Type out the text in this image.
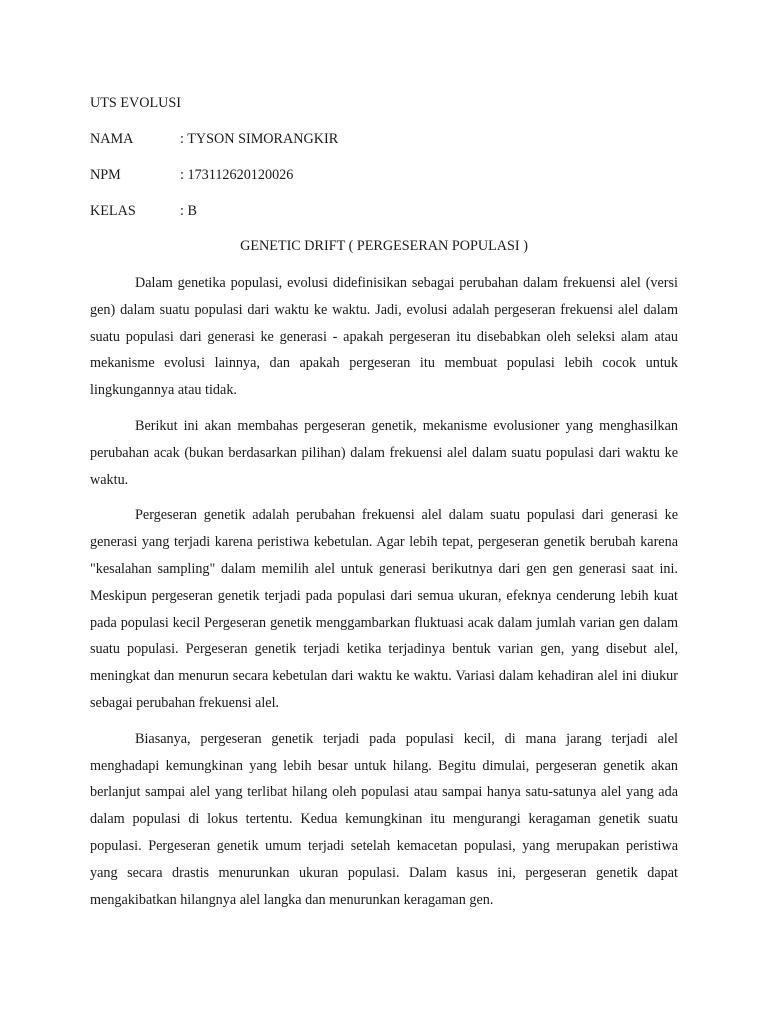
UTS EVOLUSI
NAMA	: TYSON SIMORANGKIR
NPM	: 173112620120026
KELAS	: B
GENETIC DRIFT ( PERGESERAN POPULASI )

Dalam genetika populasi, evolusi didefinisikan sebagai perubahan dalam frekuensi alel (versi gen) dalam suatu populasi dari waktu ke waktu. Jadi, evolusi adalah pergeseran frekuensi alel dalam suatu populasi dari generasi ke generasi - apakah pergeseran itu disebabkan oleh seleksi alam atau mekanisme evolusi lainnya, dan apakah pergeseran itu membuat populasi lebih cocok untuk lingkungannya atau tidak.

Berikut ini akan membahas pergeseran genetik, mekanisme evolusioner yang menghasilkan perubahan acak (bukan berdasarkan pilihan) dalam frekuensi alel dalam suatu populasi dari waktu ke waktu.

Pergeseran genetik adalah perubahan frekuensi alel dalam suatu populasi dari generasi ke generasi yang terjadi karena peristiwa kebetulan. Agar lebih tepat, pergeseran genetik berubah karena "kesalahan sampling" dalam memilih alel untuk generasi berikutnya dari gen gen generasi saat ini. Meskipun pergeseran genetik terjadi pada populasi dari semua ukuran, efeknya cenderung lebih kuat pada populasi kecil Pergeseran genetik menggambarkan fluktuasi acak dalam jumlah varian gen dalam suatu populasi. Pergeseran genetik terjadi ketika terjadinya bentuk varian gen, yang disebut alel, meningkat dan menurun secara kebetulan dari waktu ke waktu. Variasi dalam kehadiran alel ini diukur sebagai perubahan frekuensi alel.

Biasanya, pergeseran genetik terjadi pada populasi kecil, di mana jarang terjadi alel menghadapi kemungkinan yang lebih besar untuk hilang. Begitu dimulai, pergeseran genetik akan berlanjut sampai alel yang terlibat hilang oleh populasi atau sampai hanya satu-satunya alel yang ada dalam populasi di lokus tertentu. Kedua kemungkinan itu mengurangi keragaman genetik suatu populasi. Pergeseran genetik umum terjadi setelah kemacetan populasi, yang merupakan peristiwa yang secara drastis menurunkan ukuran populasi. Dalam kasus ini, pergeseran genetik dapat mengakibatkan hilangnya alel langka dan menurunkan keragaman gen.
